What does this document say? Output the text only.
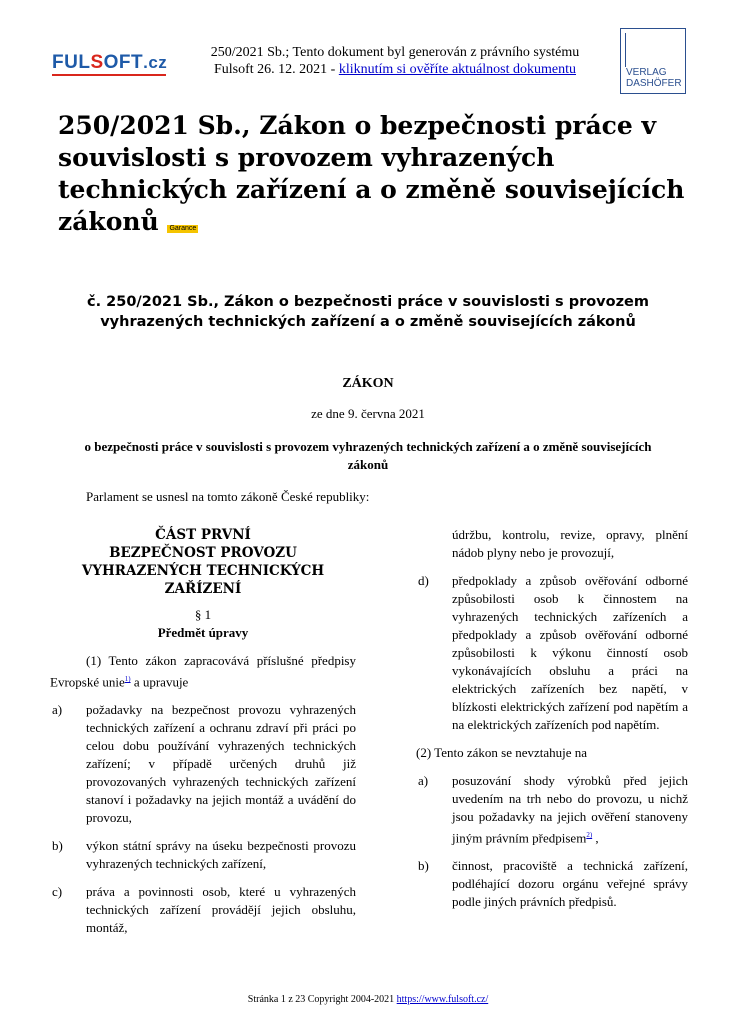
FULSOFT.cz
250/2021 Sb.; Tento dokument byl generován z právního systému
Fulsoft 26. 12. 2021 - kliknutím si ověříte aktuálnost dokumentu	VERLAG
DASHÖFER
250/2021 Sb., Zákon o bezpečnosti práce v souvislosti s provozem vyhrazených technických zařízení a o změně souvisejících zákonů Garance
č. 250/2021 Sb., Zákon o bezpečnosti práce v souvislosti s provozem vyhrazených technických zařízení a o změně souvisejících zákonů
ZÁKON
ze dne 9. června 2021
o bezpečnosti práce v souvislosti s provozem vyhrazených technických zařízení a o změně souvisejících zákonů
Parlament se usnesl na tomto zákoně České republiky:
ČÁST PRVNÍ
BEZPEČNOST PROVOZU VYHRAZENÝCH TECHNICKÝCH ZAŘÍZENÍ
§ 1
Předmět úpravy

(1) Tento zákon zapracovává příslušné předpisy Evropské unie$^{1)}$ a upravuje

a)	požadavky na bezpečnost provozu vyhrazených technických zařízení a ochranu zdraví při práci po celou dobu používání vyhrazených technických zařízení; v případě určených druhů již provozovaných vyhrazených technických zařízení stanoví i požadavky na jejich montáž a uvádění do provozu,
b)	výkon státní správy na úseku bezpečnosti provozu vyhrazených technických zařízení,
c)	práva a povinnosti osob, které u vyhrazených technických zařízení provádějí jejich obsluhu, montáž,
údržbu, kontrolu, revize, opravy, plnění nádob plyny nebo je provozují,
d)	předpoklady a způsob ověřování odborné způsobilosti osob k činnostem na vyhrazených technických zařízeních a předpoklady a způsob ověřování odborné způsobilosti k výkonu činností osob vykonávajících obsluhu a práci na elektrických zařízeních bez napětí, v blízkosti elektrických zařízení pod napětím a na elektrických zařízeních pod napětím.

(2) Tento zákon se nevztahuje na

a)	posuzování shody výrobků před jejich uvedením na trh nebo do provozu, u nichž jsou požadavky na jejich ověření stanoveny jiným právním předpisem$^{2)}$ ,
b)	činnost, pracoviště a technická zařízení, podléhající dozoru orgánu veřejné správy podle jiných právních předpisů.
Stránka 1 z 23 Copyright 2004-2021 https://www.fulsoft.cz/
